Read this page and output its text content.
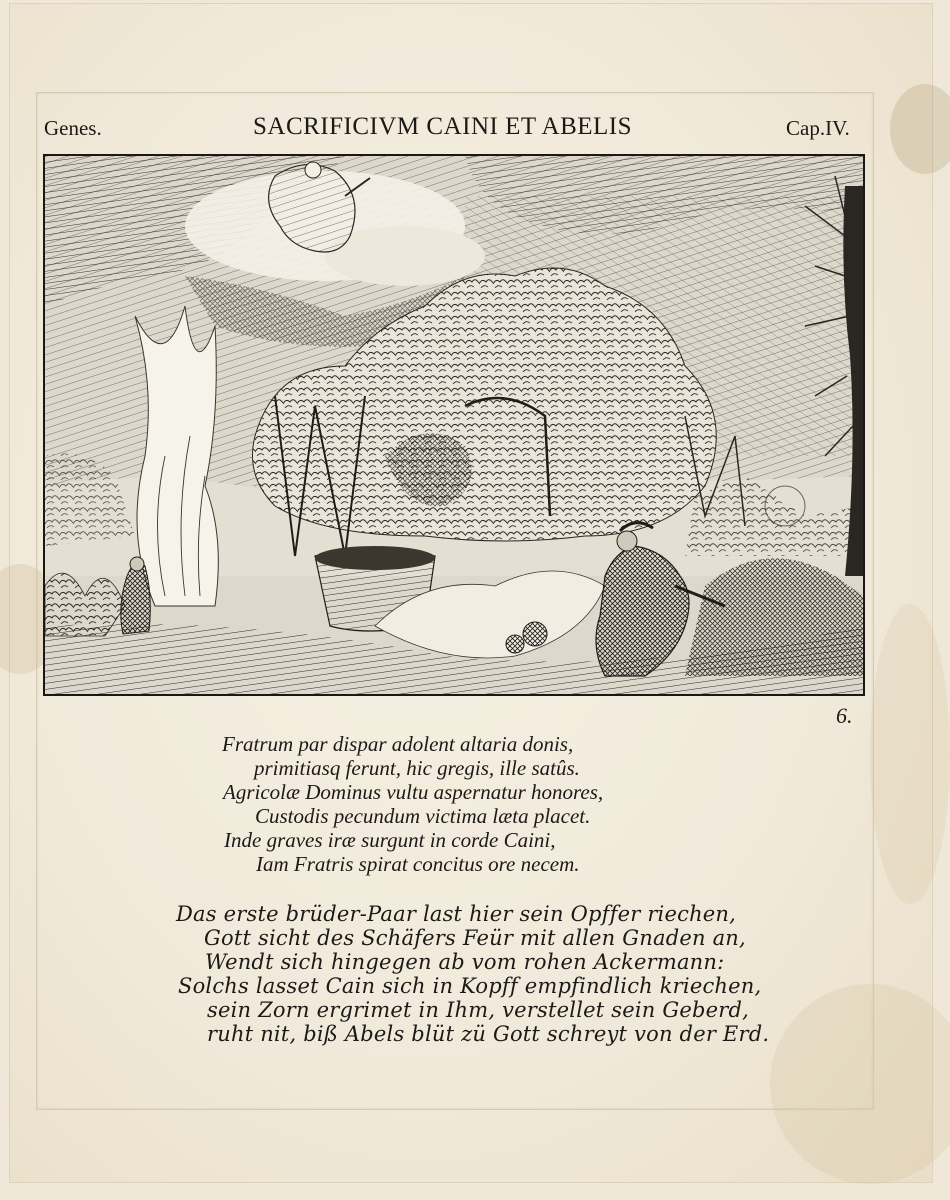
Genes.	SACRIFICIVM CAINI ET ABELIS	Cap.IV.
6.
Fratrum par dispar adolent altaria donis,
primitiasq ferunt, hic gregis, ille satûs.
Agricolæ Dominus vultu aspernatur honores,
Custodis pecundum victima læta placet.
Inde graves iræ surgunt in corde Caini,
Iam Fratris spirat concitus ore necem.
Das erste brüder-Paar last hier sein Opffer riechen,
Gott sicht des Schäfers Feür mit allen Gnaden an,
Wendt sich hingegen ab vom rohen Ackermann:
Solchs lasset Cain sich in Kopff empfindlich kriechen,
sein Zorn ergrimet in Ihm, verstellet sein Geberd,
ruht nit, biß Abels blüt zü Gott schreyt von der Erd.
